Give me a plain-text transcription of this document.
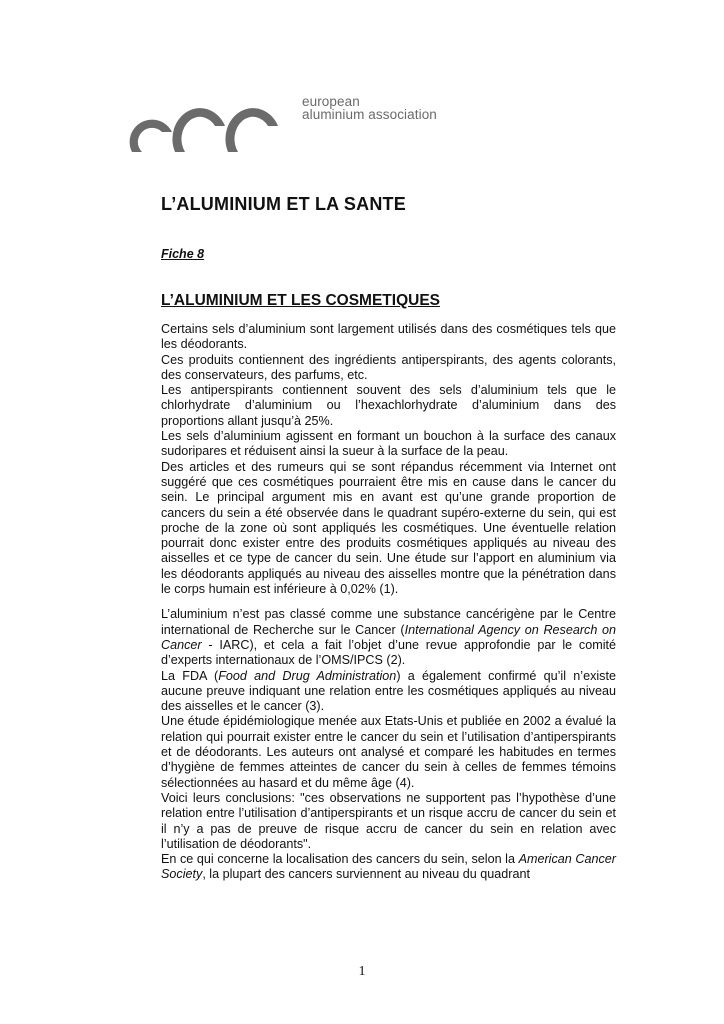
european
aluminium association
L’ALUMINIUM ET LA SANTE
Fiche 8
L’ALUMINIUM ET LES COSMETIQUES

Certains sels d’aluminium sont largement utilisés dans des cosmétiques tels que les déodorants.

Ces produits contiennent des ingrédients antiperspirants, des agents colorants, des conservateurs, des parfums, etc.

Les antiperspirants contiennent souvent des sels d’aluminium tels que le chlorhydrate d’aluminium ou l’hexachlorhydrate d’aluminium dans des proportions allant jusqu’à 25%.

Les sels d’aluminium agissent en formant un bouchon à la surface des canaux sudoripares et réduisent ainsi la sueur à la surface de la peau.

Des articles et des rumeurs qui se sont répandus récemment via Internet ont suggéré que ces cosmétiques pourraient être mis en cause dans le cancer du sein. Le principal argument mis en avant est qu’une grande proportion de cancers du sein a été observée dans le quadrant supéro-externe du sein, qui est proche de la zone où sont appliqués les cosmétiques. Une éventuelle relation pourrait donc exister entre des produits cosmétiques appliqués au niveau des aisselles et ce type de cancer du sein. Une étude sur l’apport en aluminium via les déodorants appliqués au niveau des aisselles montre que la pénétration dans le corps humain est inférieure à 0,02% (1).

L’aluminium n’est pas classé comme une substance cancérigène par le Centre international de Recherche sur le Cancer (International Agency on Research on Cancer - IARC), et cela a fait l’objet d’une revue approfondie par le comité d’experts internationaux de l’OMS/IPCS (2).

La FDA (Food and Drug Administration) a également confirmé qu’il n’existe aucune preuve indiquant une relation entre les cosmétiques appliqués au niveau des aisselles et le cancer (3).

Une étude épidémiologique menée aux Etats-Unis et publiée en 2002 a évalué la relation qui pourrait exister entre le cancer du sein et l’utilisation d’antiperspirants et de déodorants. Les auteurs ont analysé et comparé les habitudes en termes d’hygiène de femmes atteintes de cancer du sein à celles de femmes témoins sélectionnées au hasard et du même âge (4).

Voici leurs conclusions: "ces observations ne supportent pas l’hypothèse d’une relation entre l’utilisation d’antiperspirants et un risque accru de cancer du sein et il n’y a pas de preuve de risque accru de cancer du sein en relation avec l’utilisation de déodorants".

En ce qui concerne la localisation des cancers du sein, selon la American Cancer Society, la plupart des cancers surviennent au niveau du quadrant

1
